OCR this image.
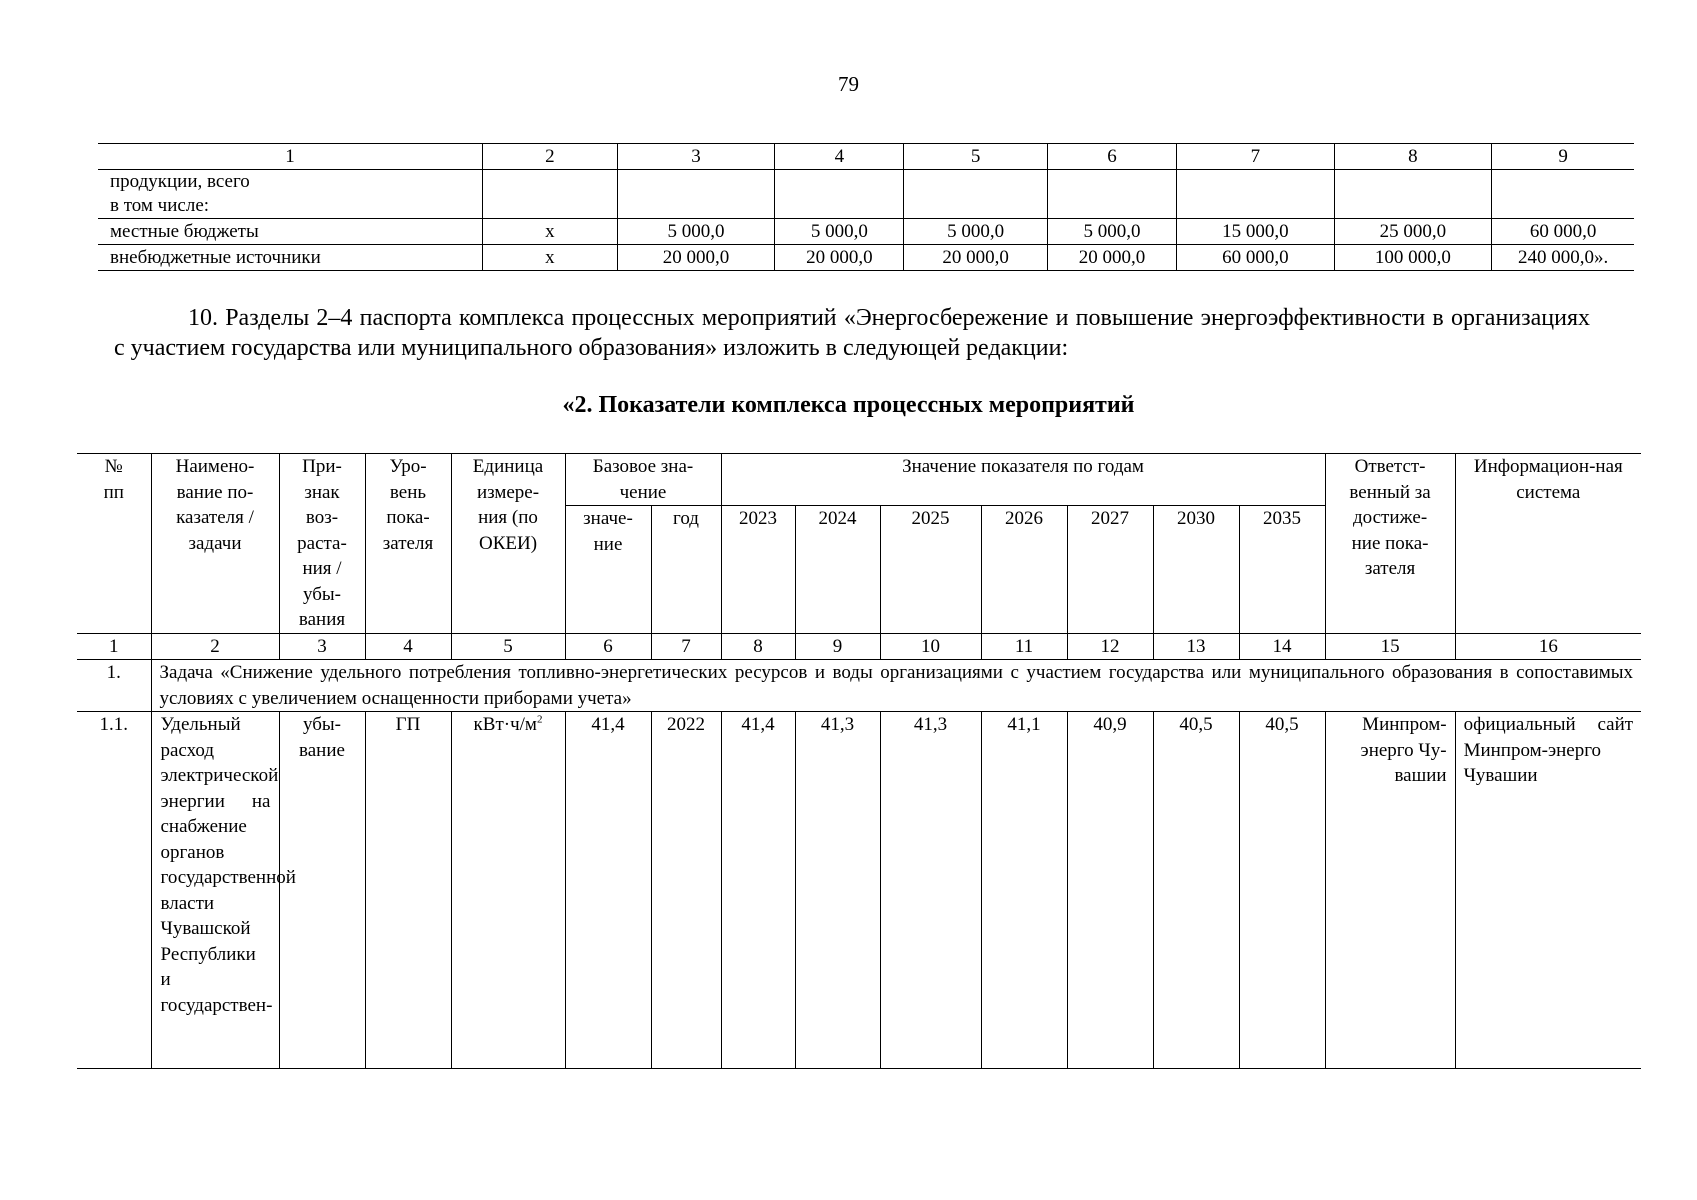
79
1	2	3	4	5	6	7	8	9

продукции, всего
в том числе:								

местные бюджеты	х	5 000,0	5 000,0	5 000,0	5 000,0	15 000,0	25 000,0	60 000,0
внебюджетные источники	х	20 000,0	20 000,0	20 000,0	20 000,0	60 000,0	100 000,0	240 000,0».
10. Разделы 2–4 паспорта комплекса процессных мероприятий «Энергосбережение и повышение энергоэффективности в организациях с участием государства или муниципального образования» изложить в следующей редакции:
«2. Показатели комплекса процессных мероприятий
№ пп	Наимено-вание по-казателя / задачи	При-знак воз-раста-ния / убы-вания	Уро-вень пока-зателя	Единица измере-ния (по ОКЕИ)	Базовое зна-чение		Значение показателя по годам							Ответст-венный за достиже-ние пока-зателя	Информацион-ная система
					значе-ние	год	2023	2024	2025	2026	2027	2030	2035		
1	2	3	4	5	6	7	8	9	10	11	12	13	14	15	16
1.	Задача «Снижение удельного потребления топливно-энергетических ресурсов и воды организациями с участием государства или муниципального образования в сопоставимых условиях с увеличением оснащенности приборами учета»														
1.1.	Удельный расход электрической энергии на снабжение органов государственной власти Чувашской Республики и государствен-	убы-вание	ГП	$кВт\cdot ч/м^2$	41,4	2022	41,4	41,3	41,3	41,1	40,9	40,5	40,5	Минпром-энерго Чу-вашии	официальный сайт Минпром-энерго Чувашии
